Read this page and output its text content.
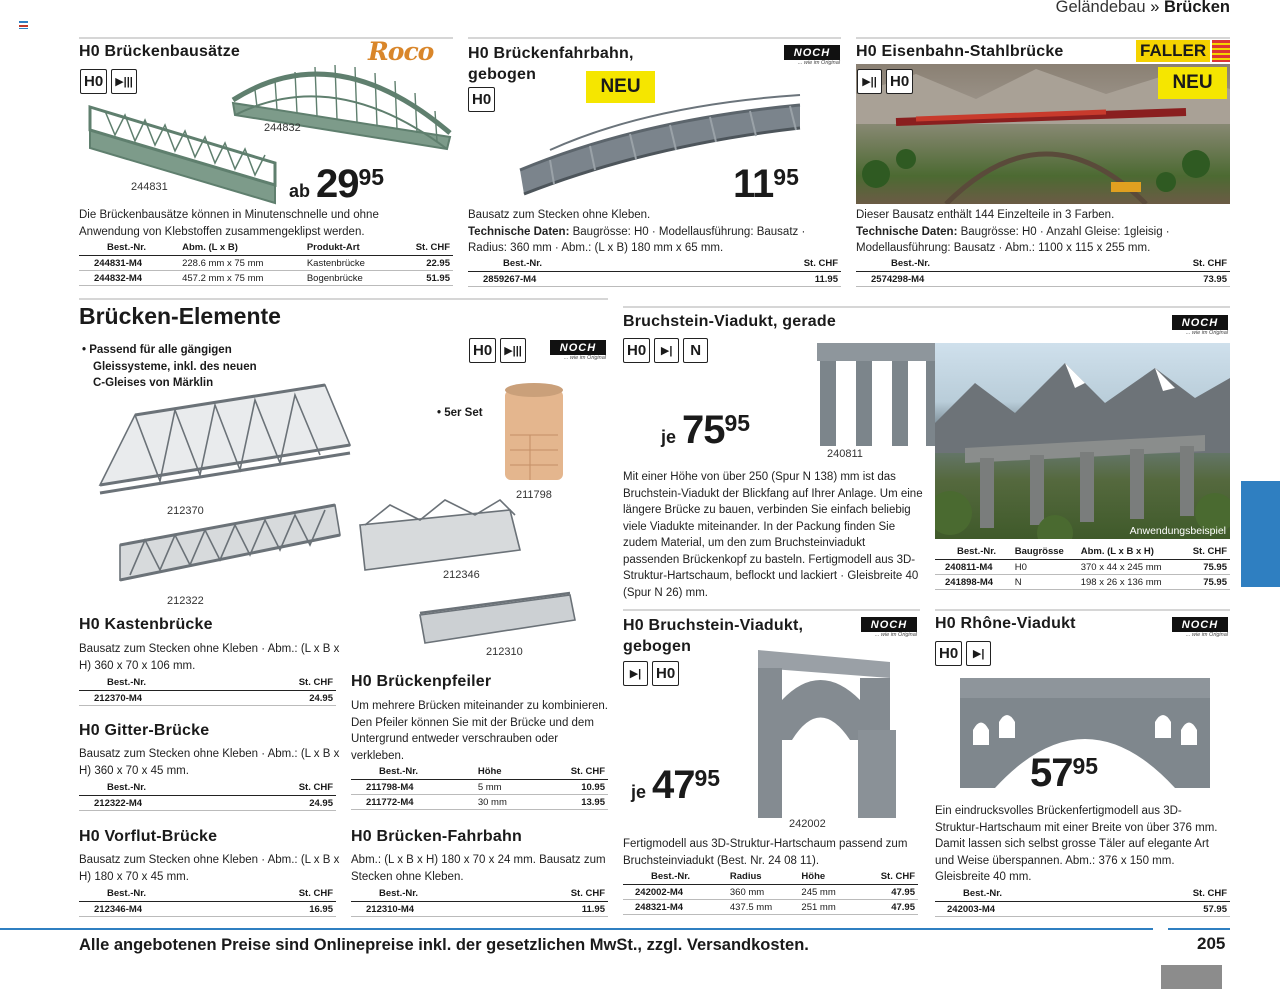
Geländebau » Brücken
H0 Brückenbausätze	Roco
H0	▶|||
244832
244831	ab $29^{95}$
Die Brückenbausätze können in Minutenschnelle und ohne Anwendung von Klebstoffen zusammengeklipst werden.
Best.-Nr.	Abm. (L x B)	Produkt-Art	St. CHF
244831-M4	228.6 mm x 75 mm	Kastenbrücke	22.95
244832-M4	457.2 mm x 75 mm	Bogenbrücke	51.95
H0 Brückenfahrbahn,
gebogen
NOCH
... wie im Original
H0
NEU
$11^{95}$
Bausatz zum Stecken ohne Kleben.
Technische Daten: Baugrösse: H0 · Modellausführung: Bausatz · Radius: 360 mm · Abm.: (L x B) 180 mm x 65 mm.
Best.-Nr.	St. CHF
2859267-M4	11.95
H0 Eisenbahn-Stahlbrücke	FALLER
▶|| H0	NEU
Dieser Bausatz enthält 144 Einzelteile in 3 Farben.
Technische Daten: Baugrösse: H0 · Anzahl Gleise: 1gleisig · Modellausführung: Bausatz · Abm.: 1100 x 115 x 255 mm.
Best.-Nr.	St. CHF
2574298-M4	73.95
Brücken-Elemente
• Passend für alle gängigen
Gleissysteme, inkl. des neuen
C-Gleises von Märklin
H0	▶|||	NOCH
... wie im Original
• 5er Set
212370
212322
212346
212310
211798
H0 Kastenbrücke
Bausatz zum Stecken ohne Kleben · Abm.: (L x B x H) 360 x 70 x 106 mm.
Best.-Nr.	St. CHF
212370-M4	24.95
H0 Gitter-Brücke
Bausatz zum Stecken ohne Kleben · Abm.: (L x B x H) 360 x 70 x 45 mm.
Best.-Nr.	St. CHF
212322-M4	24.95
H0 Vorflut-Brücke
Bausatz zum Stecken ohne Kleben · Abm.: (L x B x H) 180 x 70 x 45 mm.
Best.-Nr.	St. CHF
212346-M4	16.95
H0 Brückenpfeiler
Um mehrere Brücken miteinander zu kombinieren. Den Pfeiler können Sie mit der Brücke und dem Untergrund entweder verschrauben oder verkleben.
Best.-Nr.	Höhe	St. CHF
211798-M4	5 mm	10.95
211772-M4	30 mm	13.95
H0 Brücken-Fahrbahn
Abm.: (L x B x H) 180 x 70 x 24 mm. Bausatz zum Stecken ohne Kleben.
Best.-Nr.	St. CHF
212310-M4	11.95
Bruchstein-Viadukt, gerade	NOCH
... wie im Original
H0	▶|	N
240811
Anwendungsbeispiel
je $75^{95}$
Mit einer Höhe von über 250 (Spur N 138) mm ist das Bruchstein-Viadukt der Blickfang auf Ihrer Anlage. Um eine längere Brücke zu bauen, verbinden Sie einfach beliebig viele Viadukte miteinander. In der Packung finden Sie zudem Material, um den zum Bruchsteinviadukt passenden Brückenkopf zu basteln. Fertigmodell aus 3D-Struktur-Hartschaum, beflockt und lackiert · Gleisbreite 40 (Spur N 26) mm.
Best.-Nr.	Baugrösse	Abm. (L x B x H)	St. CHF
240811-M4	H0	370 x 44 x 245 mm	75.95
241898-M4	N	198 x 26 x 136 mm	75.95
H0 Bruchstein-Viadukt,
gebogen
NOCH
... wie im Original
▶| H0
242002
je $47^{95}$
Fertigmodell aus 3D-Struktur-Hartschaum passend zum Bruchsteinviadukt (Best. Nr. 24 08 11).
Best.-Nr.	Radius	Höhe	St. CHF
242002-M4	360 mm	245 mm	47.95
248321-M4	437.5 mm	251 mm	47.95
H0 Rhône-Viadukt	NOCH
... wie im Original
H0	▶|
$57^{95}$
Ein eindrucksvolles Brückenfertigmodell aus 3D-Struktur-Hartschaum mit einer Breite von über 376 mm. Damit lassen sich selbst grosse Täler auf elegante Art und Weise überspannen. Abm.: 376 x 150 mm. Gleisbreite 40 mm.
Best.-Nr.	St. CHF
242003-M4	57.95
Alle angebotenen Preise sind Onlinepreise inkl. der gesetzlichen MwSt., zzgl. Versandkosten.	205
